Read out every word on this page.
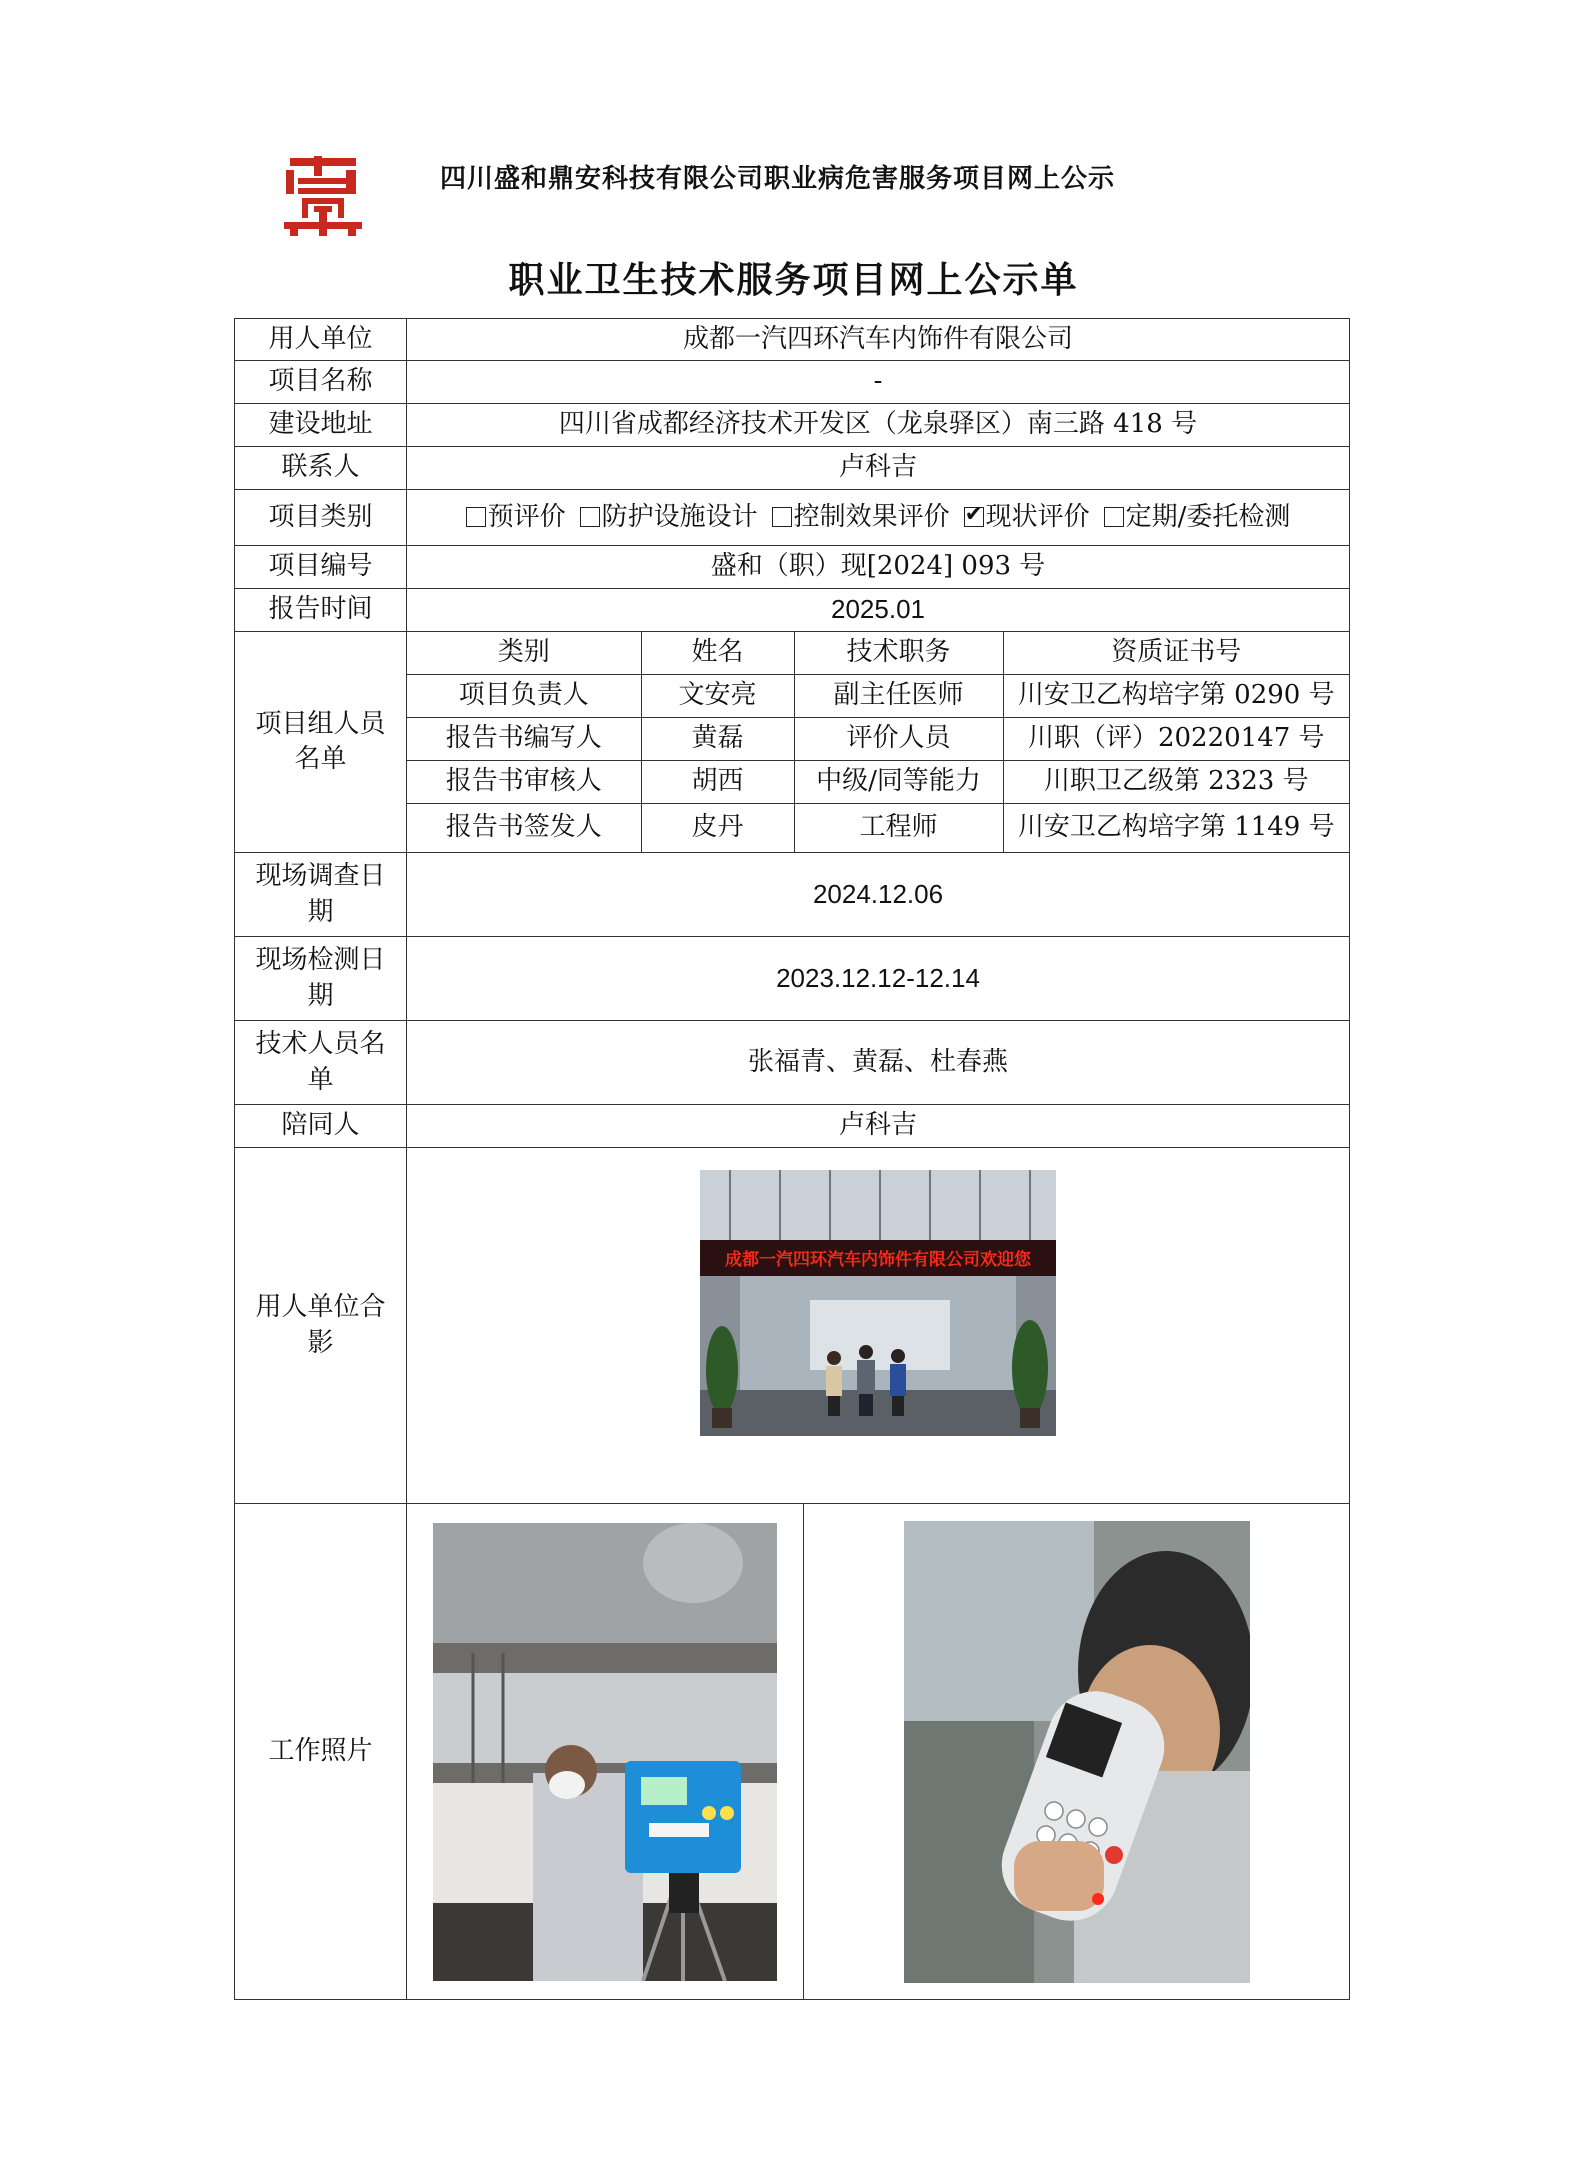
四川盛和鼎安科技有限公司职业病危害服务项目网上公示
职业卫生技术服务项目网上公示单
用人单位	成都一汽四环汽车内饰件有限公司
项目名称	-
建设地址	四川省成都经济技术开发区（龙泉驿区）南三路 418 号
联系人	卢科吉
项目类别	预评价 防护设施设计 控制效果评价✔ 现状评价 定期/委托检测
项目编号	盛和（职）现[2024] 093 号
报告时间	2025.01
项目组人员名单	
类别	姓名	技术职务	资质证书号
项目负责人	文安亮	副主任医师	川安卫乙构培字第 0290 号
报告书编写人	黄磊	评价人员	川职（评）20220147 号
报告书审核人	胡西	中级/同等能力	川职卫乙级第 2323 号
报告书签发人	皮丹	工程师	川安卫乙构培字第 1149 号

现场调查日期	2024.12.06
现场检测日期	2023.12.12-12.14
技术人员名单	张福青、黄磊、杜春燕
陪同人	卢科吉
用人单位合影	
成都一汽四环汽车内饰件有限公司欢迎您

工作照片		
